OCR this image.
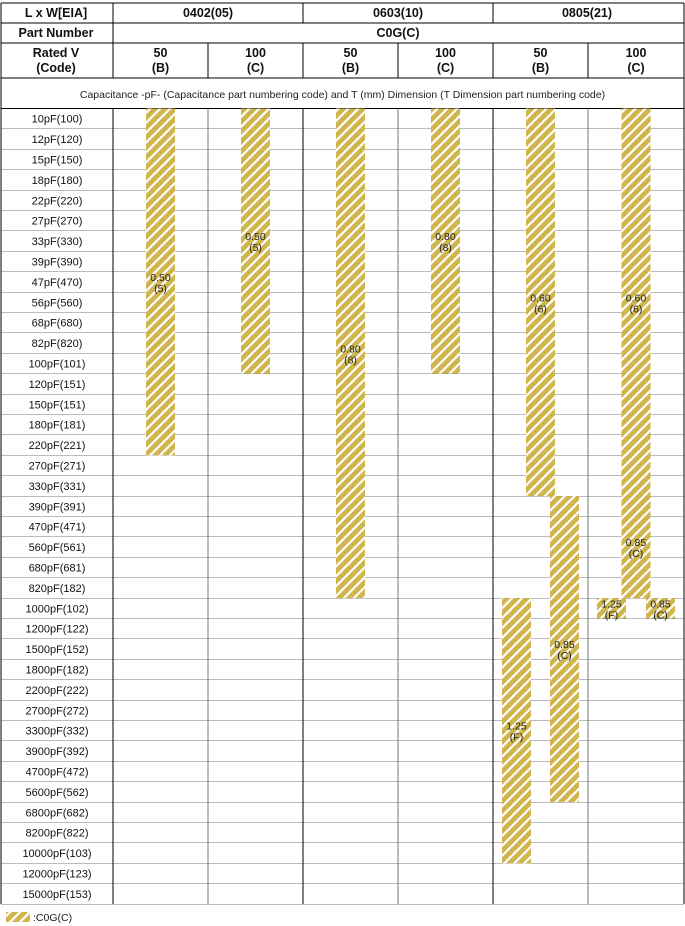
L x W[EIA]
Part Number
Rated V
(Code)
0402(05)	0603(10)	0805(21)
C0G(C)
Capacitance -pF- (Capacitance part numbering code) and T (mm) Dimension (T Dimension part numbering code)
:C0G(C)
50
(B)
100
(C)
50
(B)
100
(C)
50
(B)
100
(C)
10pF(100)
12pF(120)
15pF(150)
18pF(180)
22pF(220)
27pF(270)
33pF(330)
39pF(390)
47pF(470)
56pF(560)
68pF(680)
82pF(820)
100pF(101)
120pF(151)
150pF(151)
180pF(181)
220pF(221)
270pF(271)
330pF(331)
390pF(391)
470pF(471)
560pF(561)
680pF(681)
820pF(182)
1000pF(102)
1200pF(122)
1500pF(152)
1800pF(182)
2200pF(222)
2700pF(272)
3300pF(332)
3900pF(392)
4700pF(472)
5600pF(562)
6800pF(682)
8200pF(822)
10000pF(103)
12000pF(123)
15000pF(153)
0.50
(5)
0.50
(5)
0.80
(8)
0.80
(8)
0.60
(6)
0.85
(C)
1.25
(F)
0.60
(6)
0.85
(C)
1.25
(F)
0.85
(C)
